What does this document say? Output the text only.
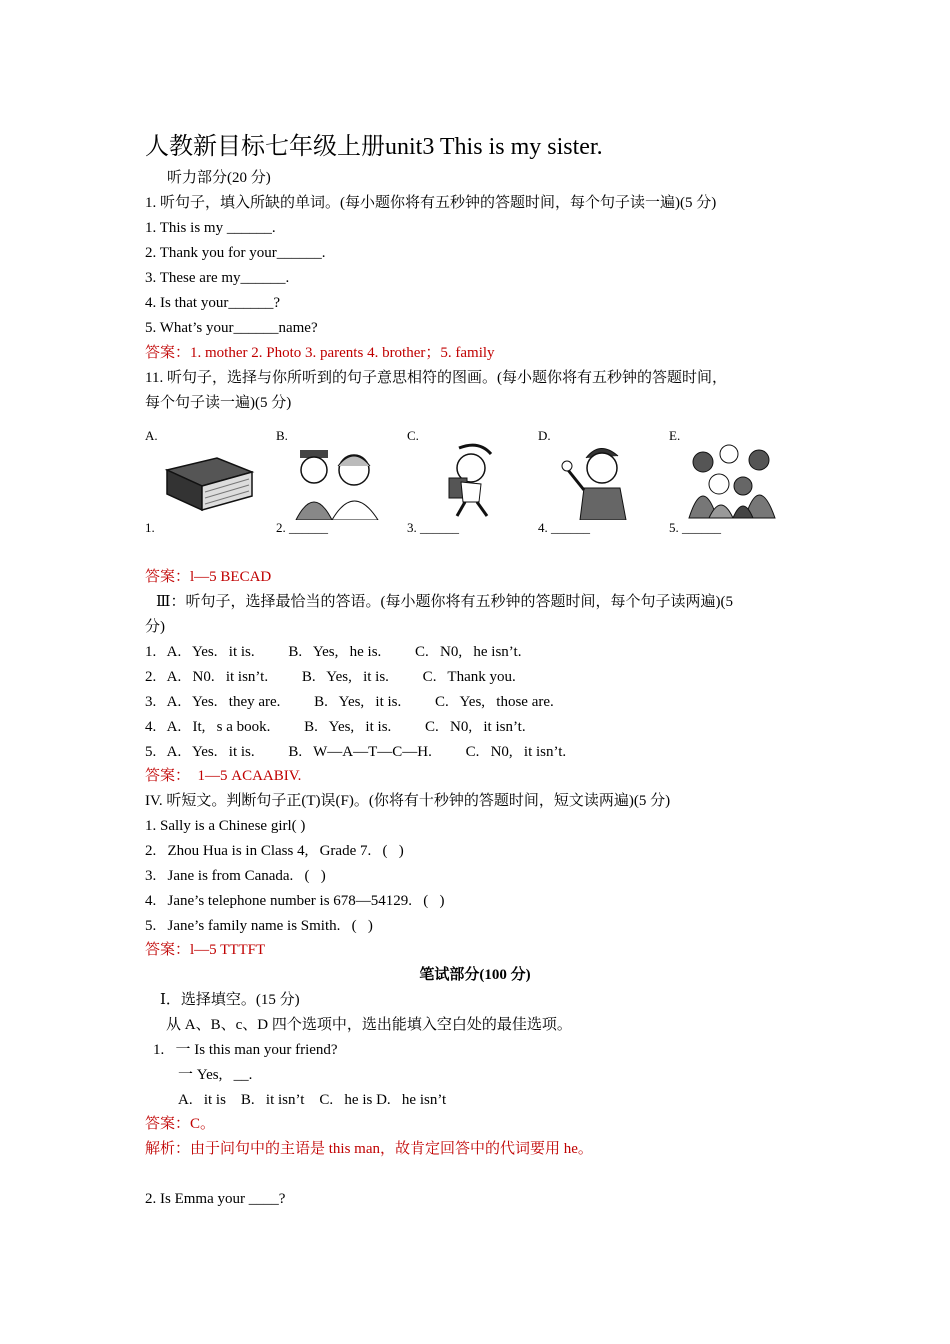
人教新目标七年级上册unit3 This is my sister.
听力部分(20 分)
1. 听句子，填入所缺的单词。(每小题你将有五秒钟的答题时间，每个句子读一遍)(5 分)
1. This is my ______.
2. Thank you for your______.
3. These are my______.
4. Is that your______?
5. What’s your______name?
答案：1. mother 2. Photo 3. parents 4. brother；5. family
11. 听句子，选择与你所听到的句子意思相符的图画。(每小题你将有五秒钟的答题时间，
每个句子读一遍)(5 分)
A.
1.
B.
2. ______
C.
3. ______
D.
4. ______
E.
5. ______
答案：l—5 BECAD
Ⅲ：听句子，选择最恰当的答语。(每小题你将有五秒钟的答题时间，每个句子读两遍)(5
分)
1.   A.   Yes.   it is.         B.   Yes,   he is.         C.   N0,   he isn’t.
2.   A.   N0.   it isn’t.         B.   Yes,   it is.         C.   Thank you.
3.   A.   Yes.   they are.         B.   Yes,   it is.         C.   Yes,   those are.
4.   A.   It,   s a book.         B.   Yes,   it is.         C.   N0,   it isn’t.
5.   A.   Yes.   it is.         B.   W—A—T—C—H.         C.   N0,   it isn’t.
答案：  1—5 ACAABIV.
IV. 听短文。判断句子正(T)误(F)。(你将有十秒钟的答题时间，短文读两遍)(5 分)
1. Sally is a Chinese girl( )
2.   Zhou Hua is in Class 4,   Grade 7.   (   )
3.   Jane is from Canada.   (   )
4.   Jane’s telephone number is 678—54129.   (   )
5.   Jane’s family name is Smith.   (   )
答案：l—5 TTTFT
笔试部分(100 分)
Ⅰ．选择填空。(15 分)
从 A、B、c、D 四个选项中，选出能填入空白处的最佳选项。
1.   一 Is this man your friend?
一 Yes,   __.
A.   it is    B.   it isn’t    C.   he is D.   he isn’t
答案：C。
解析：由于问句中的主语是 this man，故肯定回答中的代词要用 he。
2. Is Emma your ____?
